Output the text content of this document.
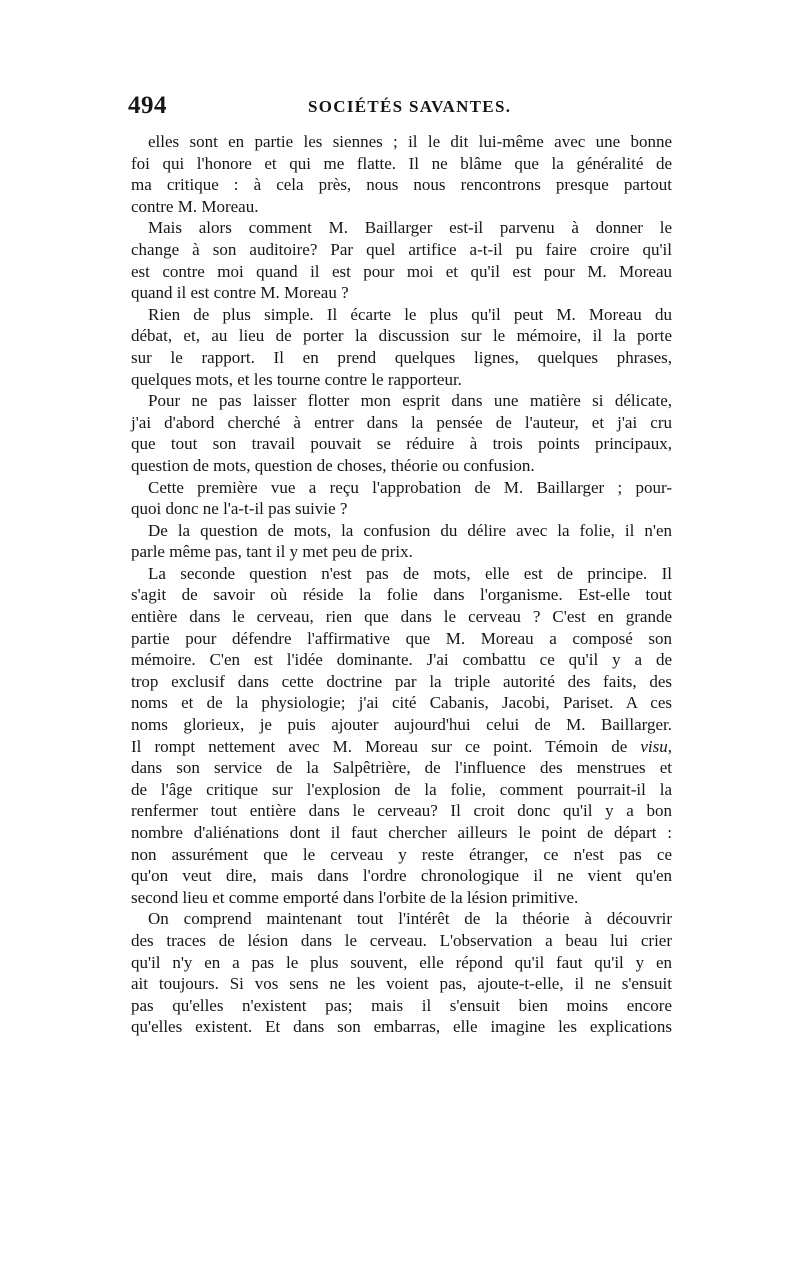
494	SOCIÉTÉS SAVANTES.
elles sont en partie les siennes ; il le dit lui-même avec une bonne
foi qui l'honore et qui me flatte. Il ne blâme que la généralité de
ma critique : à cela près, nous nous rencontrons presque partout
contre M. Moreau.
Mais alors comment M. Baillarger est-il parvenu à donner le
change à son auditoire? Par quel artifice a-t-il pu faire croire qu'il
est contre moi quand il est pour moi et qu'il est pour M. Moreau
quand il est contre M. Moreau ?
Rien de plus simple. Il écarte le plus qu'il peut M. Moreau du
débat, et, au lieu de porter la discussion sur le mémoire, il la porte
sur le rapport. Il en prend quelques lignes, quelques phrases,
quelques mots, et les tourne contre le rapporteur.
Pour ne pas laisser flotter mon esprit dans une matière si délicate,
j'ai d'abord cherché à entrer dans la pensée de l'auteur, et j'ai cru
que tout son travail pouvait se réduire à trois points principaux,
question de mots, question de choses, théorie ou confusion.
Cette première vue a reçu l'approbation de M. Baillarger ; pour-
quoi donc ne l'a-t-il pas suivie ?
De la question de mots, la confusion du délire avec la folie, il n'en
parle même pas, tant il y met peu de prix.
La seconde question n'est pas de mots, elle est de principe. Il
s'agit de savoir où réside la folie dans l'organisme. Est-elle tout
entière dans le cerveau, rien que dans le cerveau ? C'est en grande
partie pour défendre l'affirmative que M. Moreau a composé son
mémoire. C'en est l'idée dominante. J'ai combattu ce qu'il y a de
trop exclusif dans cette doctrine par la triple autorité des faits, des
noms et de la physiologie; j'ai cité Cabanis, Jacobi, Pariset. A ces
noms glorieux, je puis ajouter aujourd'hui celui de M. Baillarger.
Il rompt nettement avec M. Moreau sur ce point. Témoin de visu,
dans son service de la Salpêtrière, de l'influence des menstrues et
de l'âge critique sur l'explosion de la folie, comment pourrait-il la
renfermer tout entière dans le cerveau? Il croit donc qu'il y a bon
nombre d'aliénations dont il faut chercher ailleurs le point de départ :
non assurément que le cerveau y reste étranger, ce n'est pas ce
qu'on veut dire, mais dans l'ordre chronologique il ne vient qu'en
second lieu et comme emporté dans l'orbite de la lésion primitive.
On comprend maintenant tout l'intérêt de la théorie à découvrir
des traces de lésion dans le cerveau. L'observation a beau lui crier
qu'il n'y en a pas le plus souvent, elle répond qu'il faut qu'il y en
ait toujours. Si vos sens ne les voient pas, ajoute-t-elle, il ne s'ensuit
pas qu'elles n'existent pas; mais il s'ensuit bien moins encore
qu'elles existent. Et dans son embarras, elle imagine les explications
